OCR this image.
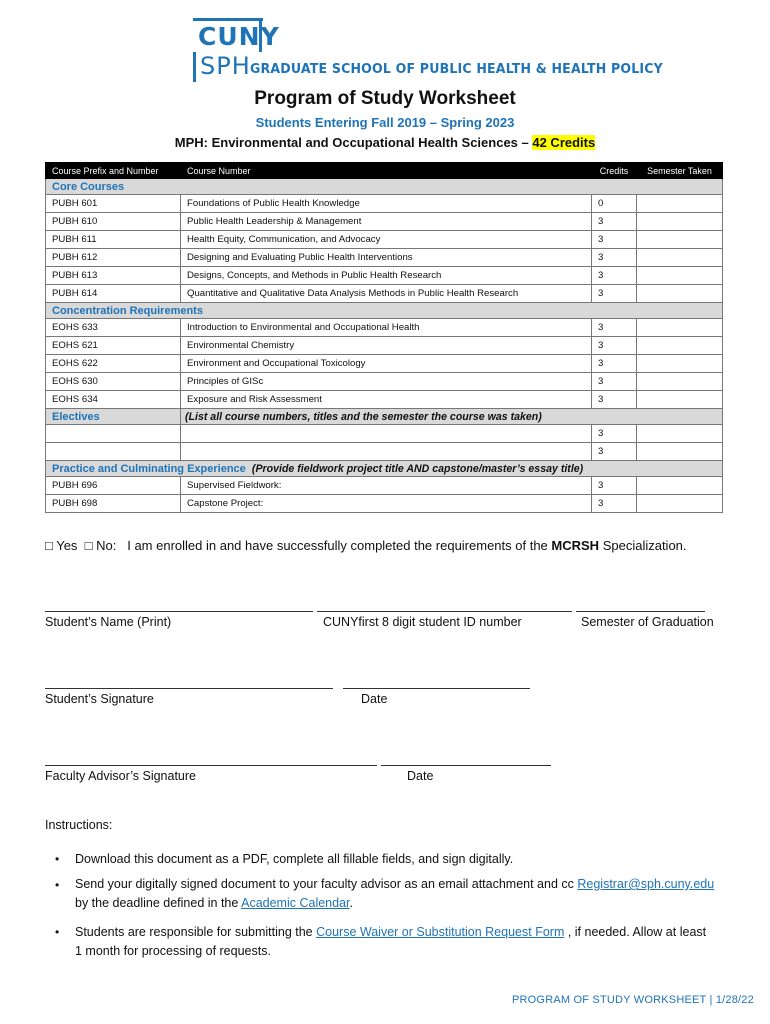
CUNY
SPH GRADUATE SCHOOL OF PUBLIC HEALTH & HEALTH POLICY
Program of Study Worksheet
Students Entering Fall 2019 – Spring 2023
MPH: Environmental and Occupational Health Sciences – 42 Credits
Course Prefix and Number	Course Number	Credits	Semester Taken
Core Courses			
PUBH 601	Foundations of Public Health Knowledge	0	
PUBH 610	Public Health Leadership & Management	3	
PUBH 611	Health Equity, Communication, and Advocacy	3	
PUBH 612	Designing and Evaluating Public Health Interventions	3	
PUBH 613	Designs, Concepts, and Methods in Public Health Research	3	
PUBH 614	Quantitative and Qualitative Data Analysis Methods in Public Health Research	3	
Concentration Requirements			
EOHS 633	Introduction to Environmental and Occupational Health	3	
EOHS 621	Environmental Chemistry	3	
EOHS 622	Environment and Occupational Toxicology	3	
EOHS 630	Principles of GISc	3	
EOHS 634	Exposure and Risk Assessment	3	
Electives	(List all course numbers, titles and the semester the course was taken)		
		3	
		3	
Practice and Culminating Experience (Provide fieldwork project title AND capstone/master’s essay title)			
PUBH 696	Supervised Fieldwork:	3	
PUBH 698	Capstone Project:	3	
□ Yes □ No: I am enrolled in and have successfully completed the requirements of the MCRSH Specialization.
Student’s Name (Print)	CUNYfirst 8 digit student ID number	Semester of Graduation
Student’s Signature	Date
Faculty Advisor’s Signature	Date
Instructions:
• Download this document as a PDF, complete all fillable fields, and sign digitally.
• Send your digitally signed document to your faculty advisor as an email attachment and cc Registrar@sph.cuny.edu
by the deadline defined in the Academic Calendar.
• Students are responsible for submitting the Course Waiver or Substitution Request Form , if needed. Allow at least
1 month for processing of requests.
PROGRAM OF STUDY WORKSHEET | 1/28/22
